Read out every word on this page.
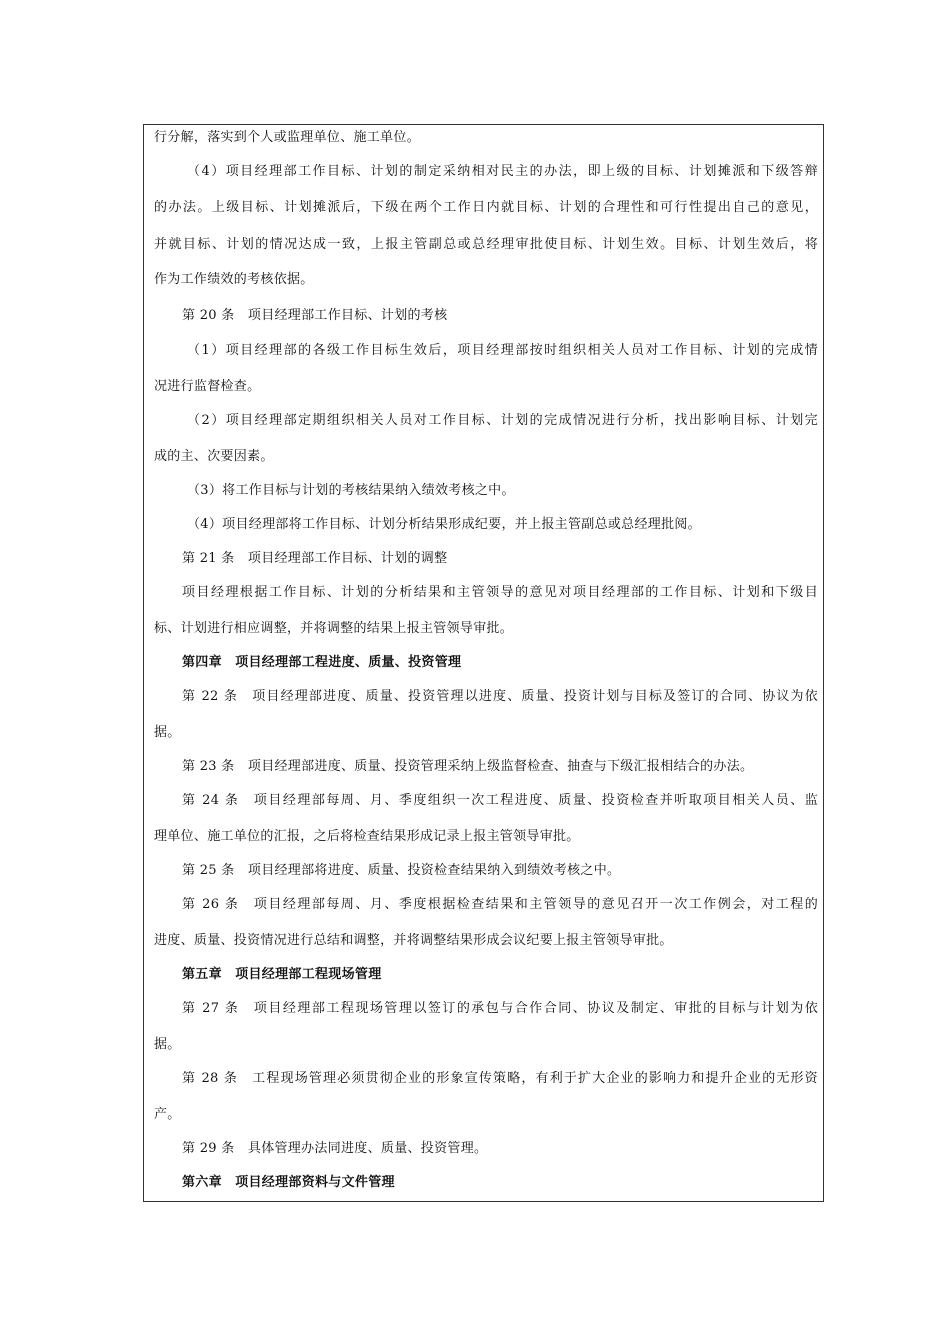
行分解，落实到个人或监理单位、施工单位。
（4）项目经理部工作目标、计划的制定采纳相对民主的办法，即上级的目标、计划摊派和下级答辩
的办法。上级目标、计划摊派后，下级在两个工作日内就目标、计划的合理性和可行性提出自己的意见，
并就目标、计划的情况达成一致，上报主管副总或总经理审批使目标、计划生效。目标、计划生效后，将
作为工作绩效的考核依据。
第 20 条　项目经理部工作目标、计划的考核
（1）项目经理部的各级工作目标生效后，项目经理部按时组织相关人员对工作目标、计划的完成情
况进行监督检查。
（2）项目经理部定期组织相关人员对工作目标、计划的完成情况进行分析，找出影响目标、计划完
成的主、次要因素。
（3）将工作目标与计划的考核结果纳入绩效考核之中。
（4）项目经理部将工作目标、计划分析结果形成纪要，并上报主管副总或总经理批阅。
第 21 条　项目经理部工作目标、计划的调整
项目经理根据工作目标、计划的分析结果和主管领导的意见对项目经理部的工作目标、计划和下级目
标、计划进行相应调整，并将调整的结果上报主管领导审批。
第四章　项目经理部工程进度、质量、投资管理
第 22 条　项目经理部进度、质量、投资管理以进度、质量、投资计划与目标及签订的合同、协议为依
据。
第 23 条　项目经理部进度、质量、投资管理采纳上级监督检查、抽查与下级汇报相结合的办法。
第 24 条　项目经理部每周、月、季度组织一次工程进度、质量、投资检查并听取项目相关人员、监
理单位、施工单位的汇报，之后将检查结果形成记录上报主管领导审批。
第 25 条　项目经理部将进度、质量、投资检查结果纳入到绩效考核之中。
第 26 条　项目经理部每周、月、季度根据检查结果和主管领导的意见召开一次工作例会，对工程的
进度、质量、投资情况进行总结和调整，并将调整结果形成会议纪要上报主管领导审批。
第五章　项目经理部工程现场管理
第 27 条　项目经理部工程现场管理以签订的承包与合作合同、协议及制定、审批的目标与计划为依
据。
第 28 条　工程现场管理必须贯彻企业的形象宣传策略，有利于扩大企业的影响力和提升企业的无形资
产。
第 29 条　具体管理办法同进度、质量、投资管理。
第六章　项目经理部资料与文件管理
